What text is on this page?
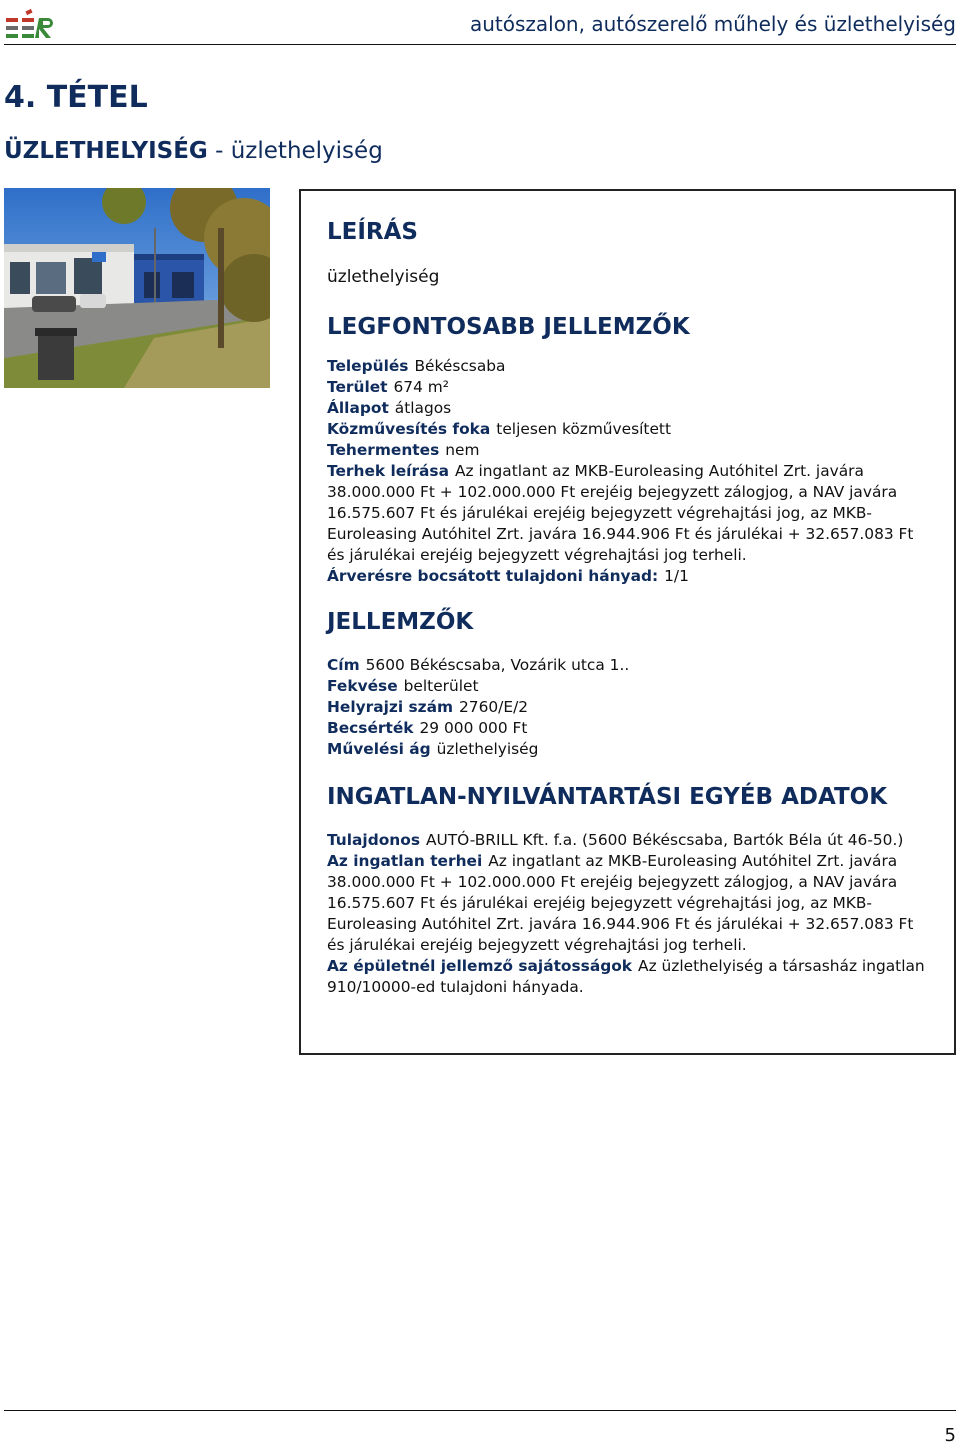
autószalon, autószerelő műhely és üzlethelyiség
4. TÉTEL
ÜZLETHELYISÉG - üzlethelyiség
LEÍRÁS
üzlethelyiség
LEGFONTOSABB JELLEMZŐK
Település Békéscsaba
Terület 674 m²
Állapot átlagos
Közművesítés foka teljesen közművesített
Tehermentes nem
Terhek leírása Az ingatlant az MKB-Euroleasing Autóhitel Zrt. javára 38.000.000 Ft + 102.000.000 Ft erejéig bejegyzett zálogjog, a NAV javára 16.575.607 Ft és járulékai erejéig bejegyzett végrehajtási jog, az MKB-Euroleasing Autóhitel Zrt. javára 16.944.906 Ft és járulékai + 32.657.083 Ft és járulékai erejéig bejegyzett végrehajtási jog terheli.
Árverésre bocsátott tulajdoni hányad: 1/1
JELLEMZŐK
Cím 5600 Békéscsaba, Vozárik utca 1..
Fekvése belterület
Helyrajzi szám 2760/E/2
Becsérték 29 000 000 Ft
Művelési ág üzlethelyiség
INGATLAN-NYILVÁNTARTÁSI EGYÉB ADATOK
Tulajdonos AUTÓ-BRILL Kft. f.a. (5600 Békéscsaba, Bartók Béla út 46-50.)
Az ingatlan terhei Az ingatlant az MKB-Euroleasing Autóhitel Zrt. javára 38.000.000 Ft + 102.000.000 Ft erejéig bejegyzett zálogjog, a NAV javára 16.575.607 Ft és járulékai erejéig bejegyzett végrehajtási jog, az MKB-Euroleasing Autóhitel Zrt. javára 16.944.906 Ft és járulékai + 32.657.083 Ft és járulékai erejéig bejegyzett végrehajtási jog terheli.
Az épületnél jellemző sajátosságok Az üzlethelyiség a társasház ingatlan 910/10000-ed tulajdoni hányada.
5
